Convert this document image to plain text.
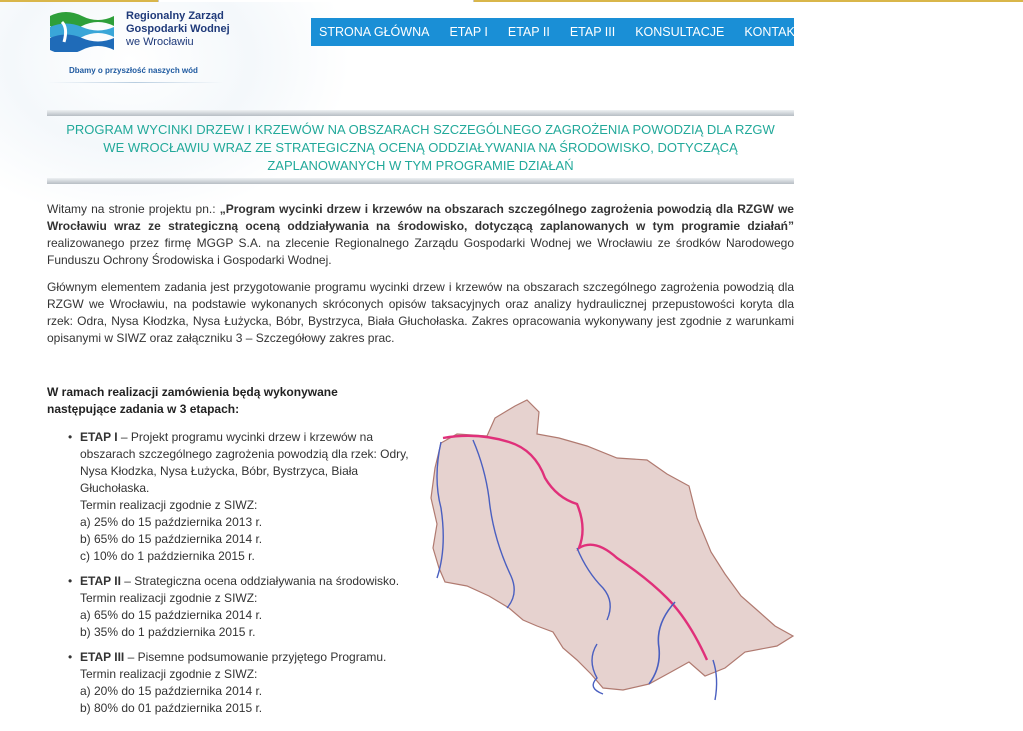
Regionalny Zarząd
Gospodarki Wodnej
we Wrocławiu
Dbamy o przyszłość naszych wód
STRONA GŁÓWNA	ETAP I	ETAP II	ETAP III	KONSULTACJE	KONTAKT
PROGRAM WYCINKI DRZEW I KRZEWÓW NA OBSZARACH SZCZEGÓLNEGO ZAGROŻENIA POWODZIĄ DLA RZGW
WE WROCŁAWIU WRAZ ZE STRATEGICZNĄ OCENĄ ODDZIAŁYWANIA NA ŚRODOWISKO, DOTYCZĄCĄ
ZAPLANOWANYCH W TYM PROGRAMIE DZIAŁAŃ

Witamy na stronie projektu pn.: „Program wycinki drzew i krzewów na obszarach szczególnego zagrożenia powodzią dla RZGW we Wrocławiu wraz ze strategiczną oceną oddziaływania na środowisko, dotyczącą zaplanowanych w tym programie działań” realizowanego przez firmę MGGP S.A. na zlecenie Regionalnego Zarządu Gospodarki Wodnej we Wrocławiu ze środków Narodowego Funduszu Ochrony Środowiska i Gospodarki Wodnej.

Głównym elementem zadania jest przygotowanie programu wycinki drzew i krzewów na obszarach szczególnego zagrożenia powodzią dla RZGW we Wrocławiu, na podstawie wykonanych skróconych opisów taksacyjnych oraz analizy hydraulicznej przepustowości koryta dla rzek: Odra, Nysa Kłodzka, Nysa Łużycka, Bóbr, Bystrzyca, Biała Głuchołaska. Zakres opracowania wykonywany jest zgodnie z warunkami opisanymi w SIWZ oraz załączniku 3 – Szczegółowy zakres prac.

W ramach realizacji zamówienia będą wykonywane następujące zadania w 3 etapach:
• ETAP I – Projekt programu wycinki drzew i krzewów na obszarach szczególnego zagrożenia powodzią dla rzek: Odry, Nysa Kłodzka, Nysa Łużycka, Bóbr, Bystrzyca, Biała Głuchołaska.
Termin realizacji zgodnie z SIWZ:
a) 25% do 15 października 2013 r.
b) 65% do 15 października 2014 r.
c) 10% do 1 października 2015 r.
• ETAP II – Strategiczna ocena oddziaływania na środowisko.
Termin realizacji zgodnie z SIWZ:
a) 65% do 15 października 2014 r.
b) 35% do 1 października 2015 r.
• ETAP III – Pisemne podsumowanie przyjętego Programu.
Termin realizacji zgodnie z SIWZ:
a) 20% do 15 października 2014 r.
b) 80% do 01 października 2015 r.
